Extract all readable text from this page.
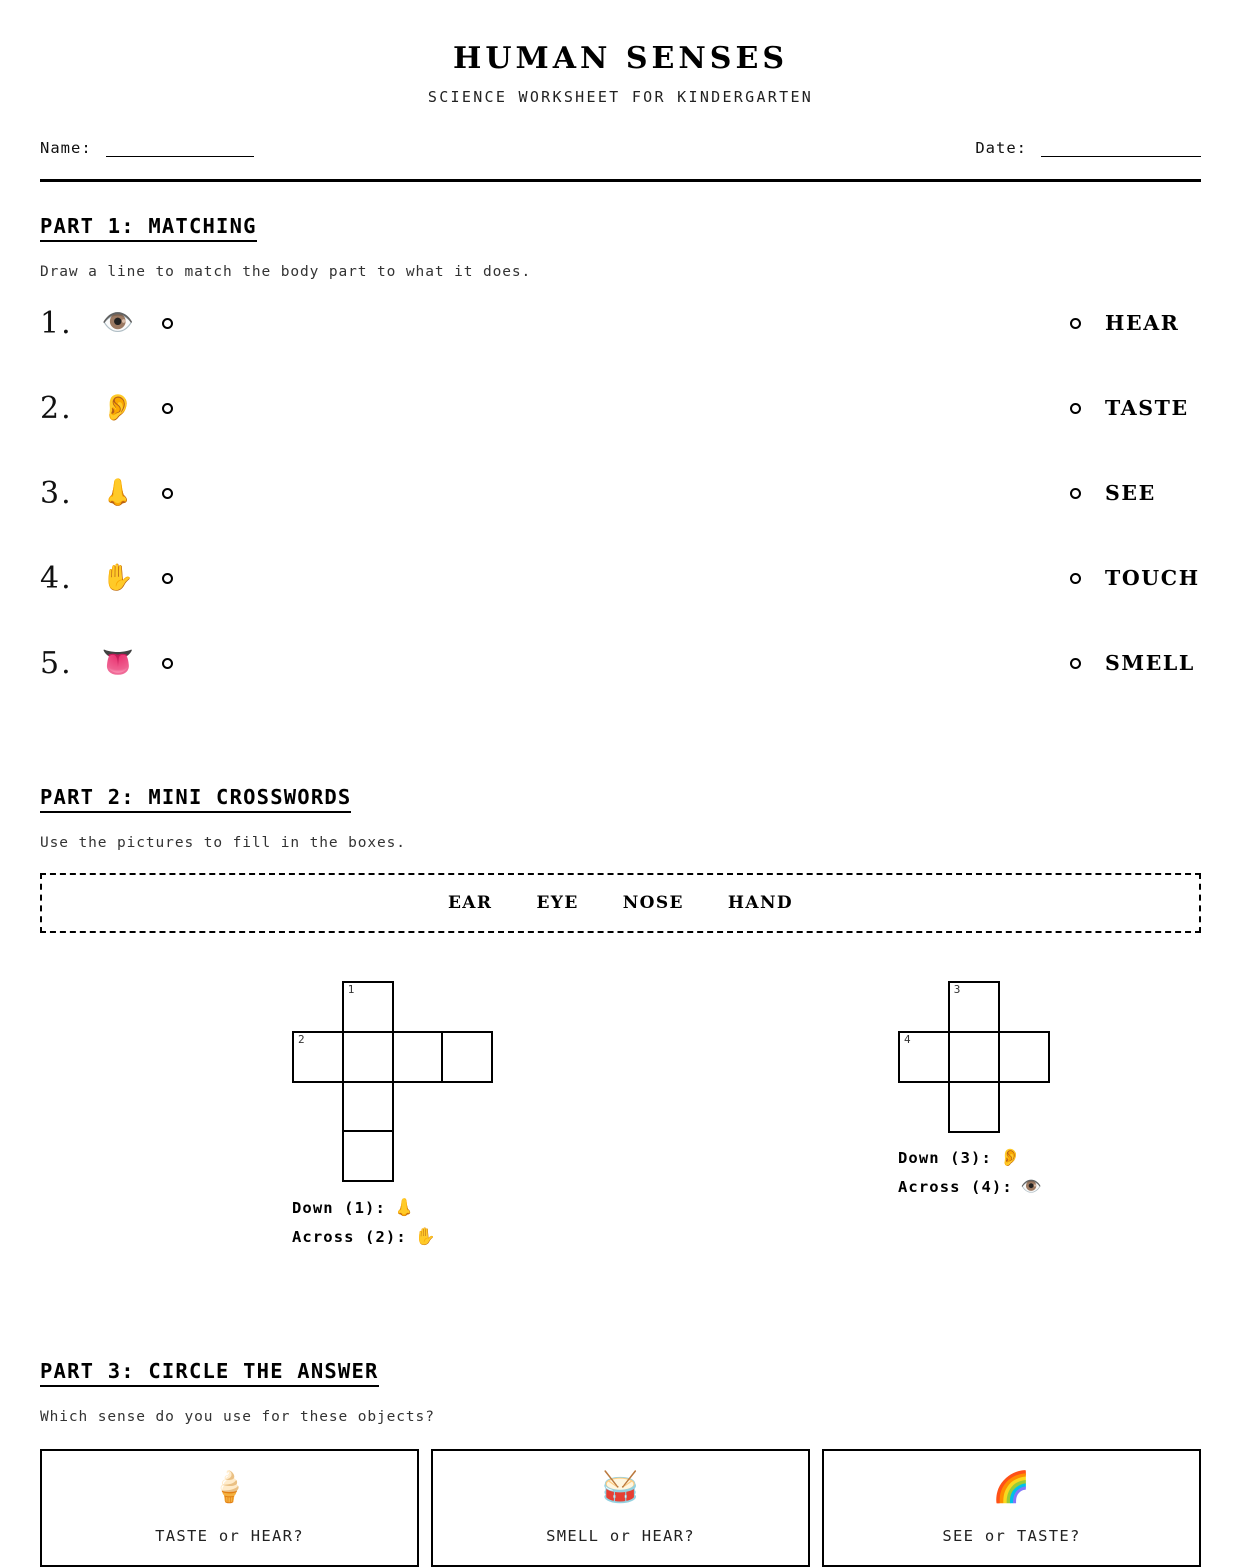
HUMAN SENSES
SCIENCE WORKSHEET FOR KINDERGARTEN
Name:	Date:
PART 1: MATCHING
Draw a line to match the body part to what it does.
1.	👁️	HEAR
2.	👂	TASTE
3.	👃	SEE
4.	✋	TOUCH
5.	👅	SMELL
PART 2: MINI CROSSWORDS
Use the pictures to fill in the boxes.
EAR	EYE	NOSE	HAND
1
2
Down (1): 👃
Across (2): ✋
3
4
Down (3): 👂
Across (4): 👁️
PART 3: CIRCLE THE ANSWER
Which sense do you use for these objects?
🍦
TASTE or HEAR?
🥁
SMELL or HEAR?
🌈
SEE or TASTE?
